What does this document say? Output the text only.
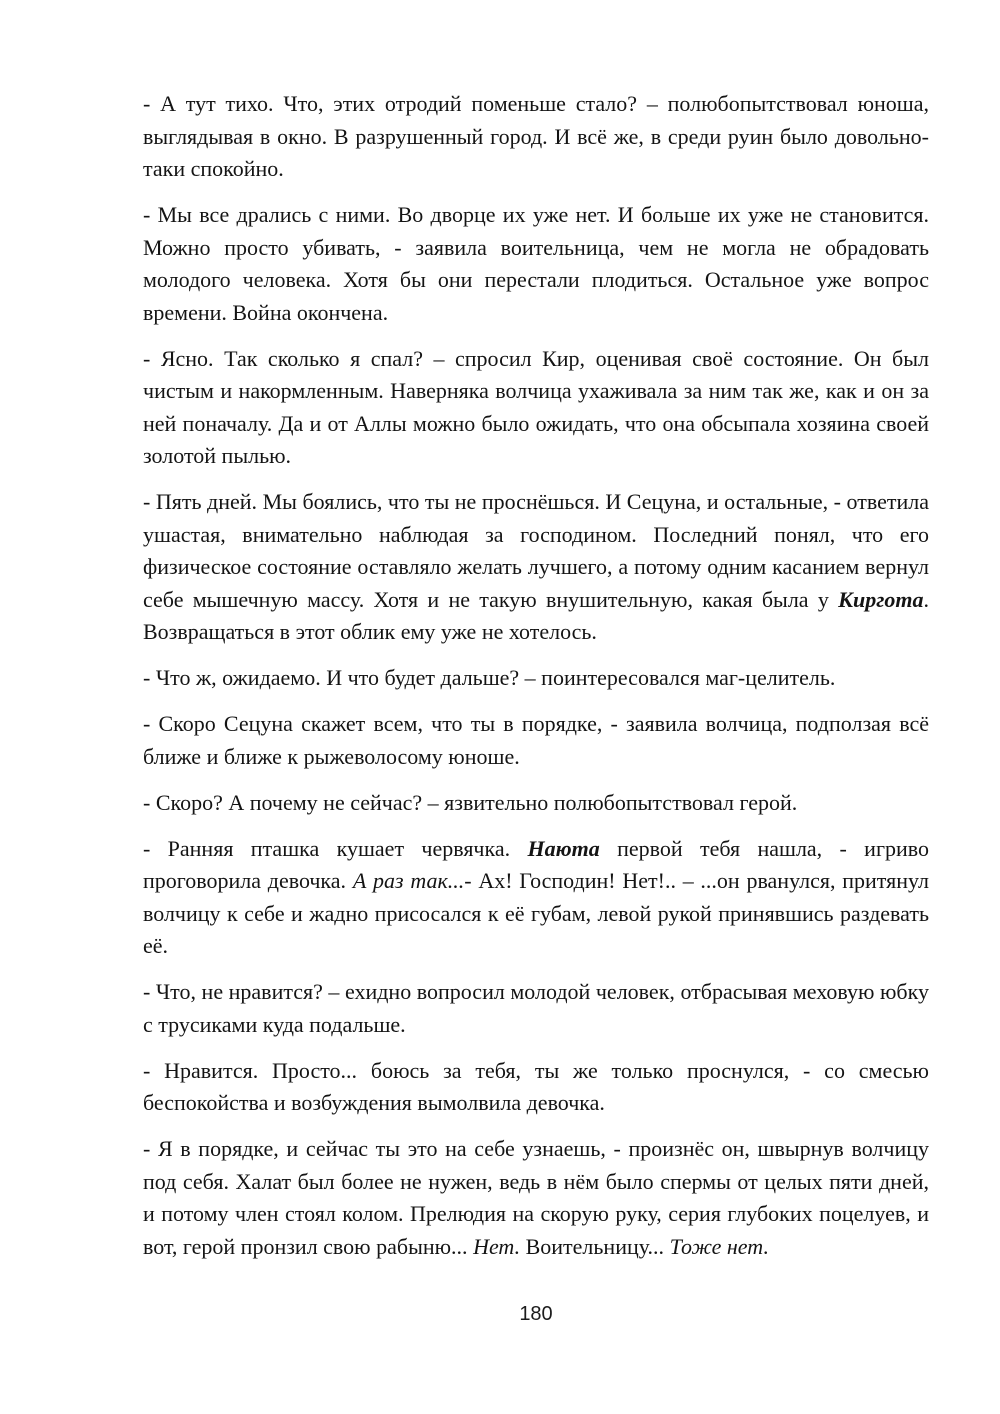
- А тут тихо. Что, этих отродий поменьше стало? – полюбопытствовал юноша, выглядывая в окно. В разрушенный город. И всё же, в среди руин было довольно-таки спокойно.

- Мы все дрались с ними. Во дворце их уже нет. И больше их уже не становится. Можно просто убивать, - заявила воительница, чем не могла не обрадовать молодого человека. Хотя бы они перестали плодиться. Остальное уже вопрос времени. Война окончена.

- Ясно. Так сколько я спал? – спросил Кир, оценивая своё состояние. Он был чистым и накормленным. Наверняка волчица ухаживала за ним так же, как и он за ней поначалу. Да и от Аллы можно было ожидать, что она обсыпала хозяина своей золотой пылью.

- Пять дней. Мы боялись, что ты не проснёшься. И Сецуна, и остальные, - ответила ушастая, внимательно наблюдая за господином. Последний понял, что его физическое состояние оставляло желать лучшего, а потому одним касанием вернул себе мышечную массу. Хотя и не такую внушительную, какая была у Киргота. Возвращаться в этот облик ему уже не хотелось.

- Что ж, ожидаемо. И что будет дальше? – поинтересовался маг-целитель.

- Скоро Сецуна скажет всем, что ты в порядке, - заявила волчица, подползая всё ближе и ближе к рыжеволосому юноше.

- Скоро? А почему не сейчас? – язвительно полюбопытствовал герой.

- Ранняя пташка кушает червячка. Наюта первой тебя нашла, - игриво проговорила девочка. А раз так...- Ах! Господин! Нет!.. – ...он рванулся, притянул волчицу к себе и жадно присосался к её губам, левой рукой принявшись раздевать её.

- Что, не нравится? – ехидно вопросил молодой человек, отбрасывая меховую юбку с трусиками куда подальше.

- Нравится. Просто... боюсь за тебя, ты же только проснулся, - со смесью беспокойства и возбуждения вымолвила девочка.

- Я в порядке, и сейчас ты это на себе узнаешь, - произнёс он, швырнув волчицу под себя. Халат был более не нужен, ведь в нём было спермы от целых пяти дней, и потому член стоял колом. Прелюдия на скорую руку, серия глубоких поцелуев, и вот, герой пронзил свою рабыню... Нет. Воительницу... Тоже нет.

180
